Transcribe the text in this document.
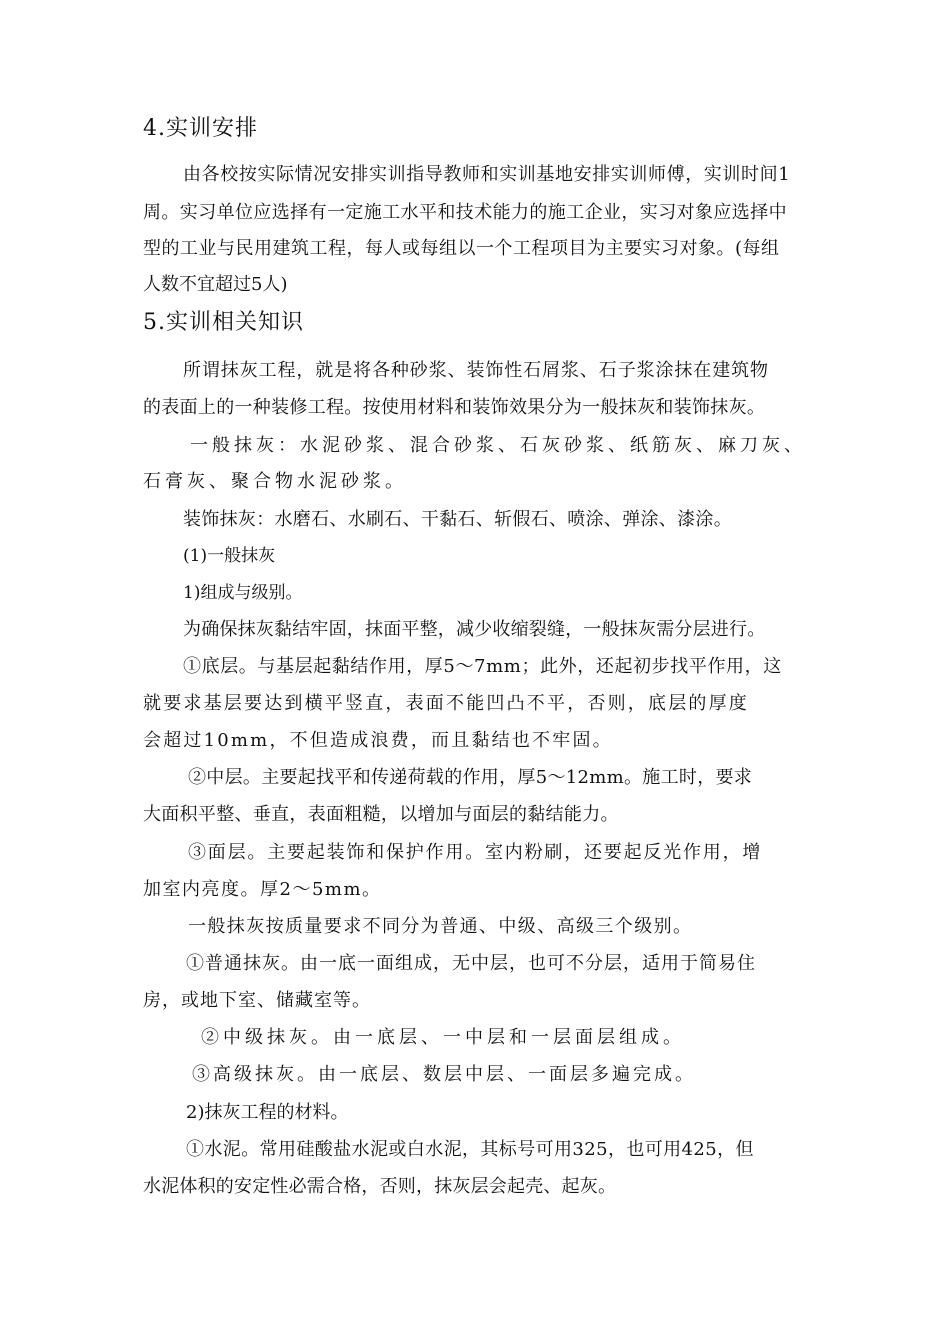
4.实训安排
由各校按实际情况安排实训指导教师和实训基地安排实训师傅，实训时间1
周。实习单位应选择有一定施工水平和技术能力的施工企业，实习对象应选择中
型的工业与民用建筑工程，每人或每组以一个工程项目为主要实习对象。(每组
人数不宜超过5人)
5.实训相关知识
所谓抹灰工程，就是将各种砂浆、装饰性石屑浆、石子浆涂抹在建筑物
的表面上的一种装修工程。按使用材料和装饰效果分为一般抹灰和装饰抹灰。
一般抹灰：水泥砂浆、混合砂浆、石灰砂浆、纸筋灰、麻刀灰、
石膏灰、聚合物水泥砂浆。
装饰抹灰：水磨石、水刷石、干黏石、斩假石、喷涂、弹涂、漆涂。
(1)一般抹灰
1)组成与级别。
为确保抹灰黏结牢固，抹面平整，减少收缩裂缝，一般抹灰需分层进行。
①底层。与基层起黏结作用，厚5～7mm；此外，还起初步找平作用，这
就要求基层要达到横平竖直，表面不能凹凸不平，否则，底层的厚度
会超过10mm，不但造成浪费，而且黏结也不牢固。
②中层。主要起找平和传递荷载的作用，厚5～12mm。施工时，要求
大面积平整、垂直，表面粗糙，以增加与面层的黏结能力。
③面层。主要起装饰和保护作用。室内粉刷，还要起反光作用，增
加室内亮度。厚2～5mm。
一般抹灰按质量要求不同分为普通、中级、高级三个级别。
①普通抹灰。由一底一面组成，无中层，也可不分层，适用于简易住
房，或地下室、储藏室等。
②中级抹灰。由一底层、一中层和一层面层组成。
③高级抹灰。由一底层、数层中层、一面层多遍完成。
2)抹灰工程的材料。
①水泥。常用硅酸盐水泥或白水泥，其标号可用325，也可用425，但
水泥体积的安定性必需合格，否则，抹灰层会起壳、起灰。
